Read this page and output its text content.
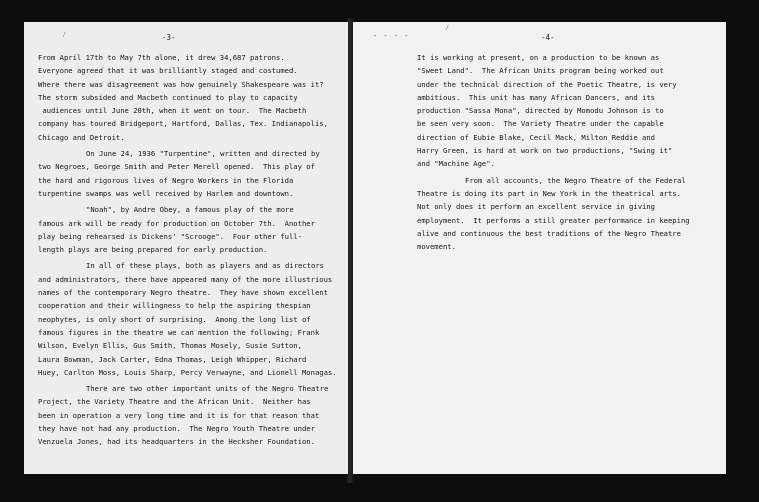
⁄	-3-
From April 17th to May 7th alone, it drew 34,687 patrons.
Everyone agreed that it was brilliantly staged and costumed.
Where there was disagreement was how genuinely Shakespeare was it?
The storm subsided and Macbeth continued to play to capacity
audiences until June 20th, when it went on tour.  The Macbeth
company has toured Bridgeport, Hartford, Dallas, Tex. Indianapolis,
Chicago and Detroit.
On June 24, 1936 "Turpentine", written and directed by
two Negroes, George Smith and Peter Merell opened.  This play of
the hard and rigorous lives of Negro Workers in the Florida
turpentine swamps was well received by Harlem and downtown.
"Noah", by Andre Obey, a famous play of the more
famous ark will be ready for production on October 7th.  Another
play being rehearsed is Dickens' "Scrooge".  Four other full-
length plays are being prepared for early production.
In all of these plays, both as players and as directors
and administrators, there have appeared many of the more illustrious
names of the contemporary Negro theatre.  They have shown excellent
cooperation and their willingness to help the aspiring thespian
neophytes, is only short of surprising.  Among the long list of
famous figures in the theatre we can mention the following; Frank
Wilson, Evelyn Ellis, Gus Smith, Thomas Mosely, Susie Sutton,
Laura Bowman, Jack Carter, Edna Thomas, Leigh Whipper, Richard
Huey, Carlton Moss, Louis Sharp, Percy Verwayne, and Lionell Monagas.
There are two other important units of the Negro Theatre
Project, the Variety Theatre and the African Unit.  Neither has
been in operation a very long time and it is for that reason that
they have not had any production.  The Negro Youth Theatre under
Venzuela Jones, had its headquarters in the Hecksher Foundation.
- - - -
⁄
-4-
It is working at present, on a production to be known as
"Sweet Land".  The African Units program being worked out
under the technical direction of the Poetic Theatre, is very
ambitious.  This unit has many African Dancers, and its
production "Sassa Mona", directed by Momodu Johnson is to
be seen very soon.  The Variety Theatre under the capable
direction of Eubie Blake, Cecil Mack, Milton Reddie and
Harry Green, is hard at work on two productions, "Swing it"
and "Machine Age".
From all accounts, the Negro Theatre of the Federal
Theatre is doing its part in New York in the theatrical arts.
Not only does it perform an excellent service in giving
employment.  It performs a still greater performance in keeping
alive and continuous the best traditions of the Negro Theatre
movement.
